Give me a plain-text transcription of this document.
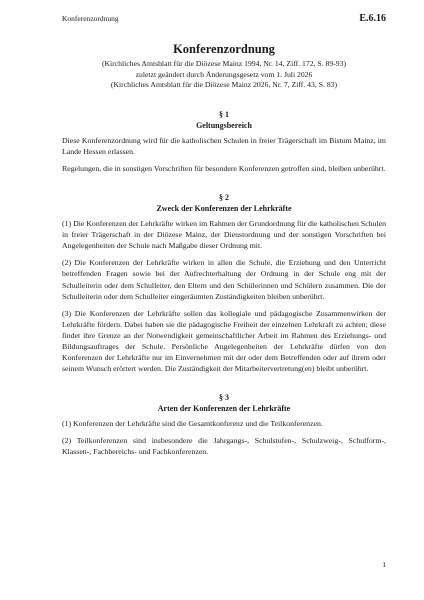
Konferenzordnung	E.6.16
Konferenzordnung
(Kirchliches Amtsblatt für die Diözese Mainz 1994, Nr. 14, Ziff. 172, S. 89-93)
zuletzt geändert durch Änderungsgesetz vom 1. Juli 2026
(Kirchliches Amtsblatt für die Diözese Mainz 2026, Nr. 7, Ziff. 43, S. 83)
§ 1
Geltungsbereich

Diese Konferenzordnung wird für die katholischen Schulen in freier Trägerschaft im Bistum Mainz, im Lande Hessen erlassen.

Regelungen, die in sonstigen Vorschriften für besondere Konferenzen getroffen sind, bleiben unberührt.

§ 2
Zweck der Konferenzen der Lehrkräfte

(1) Die Konferenzen der Lehrkräfte wirken im Rahmen der Grundordnung für die katholischen Schulen in freier Trägerschaft in der Diözese Mainz, der Dienstordnung und der sonstigen Vorschriften bei Angelegenheiten der Schule nach Maßgabe dieser Ordnung mit.

(2) Die Konferenzen der Lehrkräfte wirken in allen die Schule, die Erziehung und den Unterricht betreffenden Fragen sowie bei der Aufrechterhaltung der Ordnung in der Schule eng mit der Schulleiterin oder dem Schulleiter, den Eltern und den Schülerinnen und Schülern zusammen. Die der Schulleiterin oder dem Schulleiter eingeräumten Zuständigkeiten bleiben unberührt.

(3) Die Konferenzen der Lehrkräfte sollen das kollegiale und pädagogische Zusammenwirken der Lehrkräfte fördern. Dabei haben sie die pädagogische Freiheit der einzelnen Lehrkraft zu achten; diese findet ihre Grenze an der Notwendigkeit gemeinschaftlicher Arbeit im Rahmen des Erziehungs- und Bildungsauftrages der Schule. Persönliche Angelegenheiten der Lehrkräfte dürfen von den Konferenzen der Lehrkräfte nur im Einvernehmen mit der oder dem Betreffenden oder auf ihrem oder seinem Wunsch erörtert werden. Die Zuständigkeit der Mitarbeitervertretung(en) bleibt unberührt.

§ 3
Arten der Konferenzen der Lehrkräfte

(1) Konferenzen der Lehrkräfte sind die Gesamtkonferenz und die Teilkonferenzen.

(2) Teilkonferenzen sind insbesondere die Jahrgangs-, Schulstufen-, Schulzweig-, Schulform-, Klassen-, Fachbereichs- und Fachkonferenzen.

1
